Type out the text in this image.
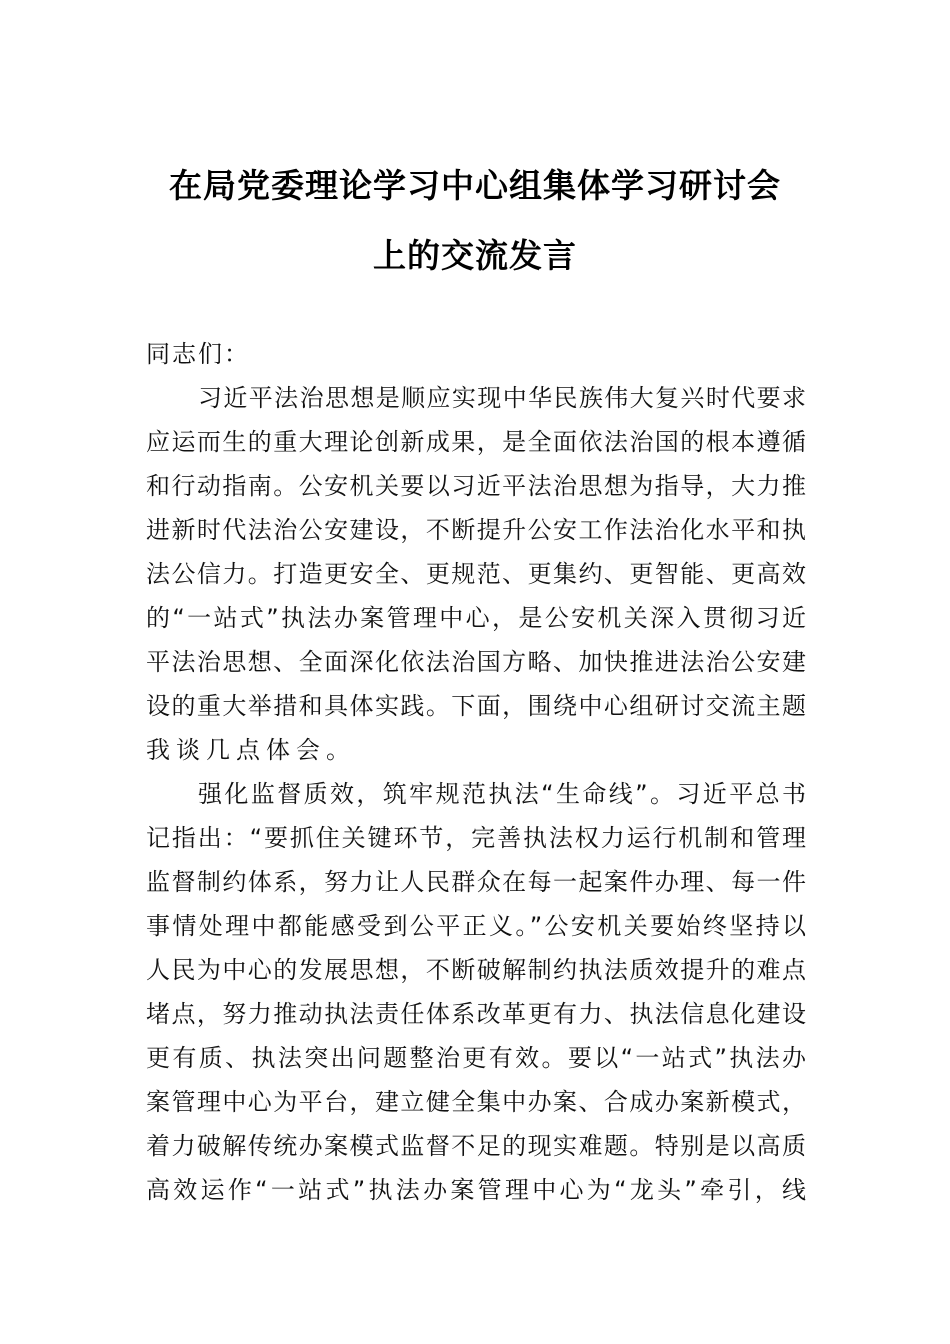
在局党委理论学习中心组集体学习研讨会
上的交流发言
同志们：
习近平法治思想是顺应实现中华民族伟大复兴时代要求
应运而生的重大理论创新成果，是全面依法治国的根本遵循
和行动指南。公安机关要以习近平法治思想为指导，大力推
进新时代法治公安建设，不断提升公安工作法治化水平和执
法公信力。打造更安全、更规范、更集约、更智能、更高效
的“一站式”执法办案管理中心，是公安机关深入贯彻习近
平法治思想、全面深化依法治国方略、加快推进法治公安建
设的重大举措和具体实践。下面，围绕中心组研讨交流主题
我谈几点体会。
强化监督质效，筑牢规范执法“生命线”。习近平总书
记指出：“要抓住关键环节，完善执法权力运行机制和管理
监督制约体系，努力让人民群众在每一起案件办理、每一件
事情处理中都能感受到公平正义。”公安机关要始终坚持以
人民为中心的发展思想，不断破解制约执法质效提升的难点
堵点，努力推动执法责任体系改革更有力、执法信息化建设
更有质、执法突出问题整治更有效。要以“一站式”执法办
案管理中心为平台，建立健全集中办案、合成办案新模式，
着力破解传统办案模式监督不足的现实难题。特别是以高质
高效运作“一站式”执法办案管理中心为“龙头”牵引，线
